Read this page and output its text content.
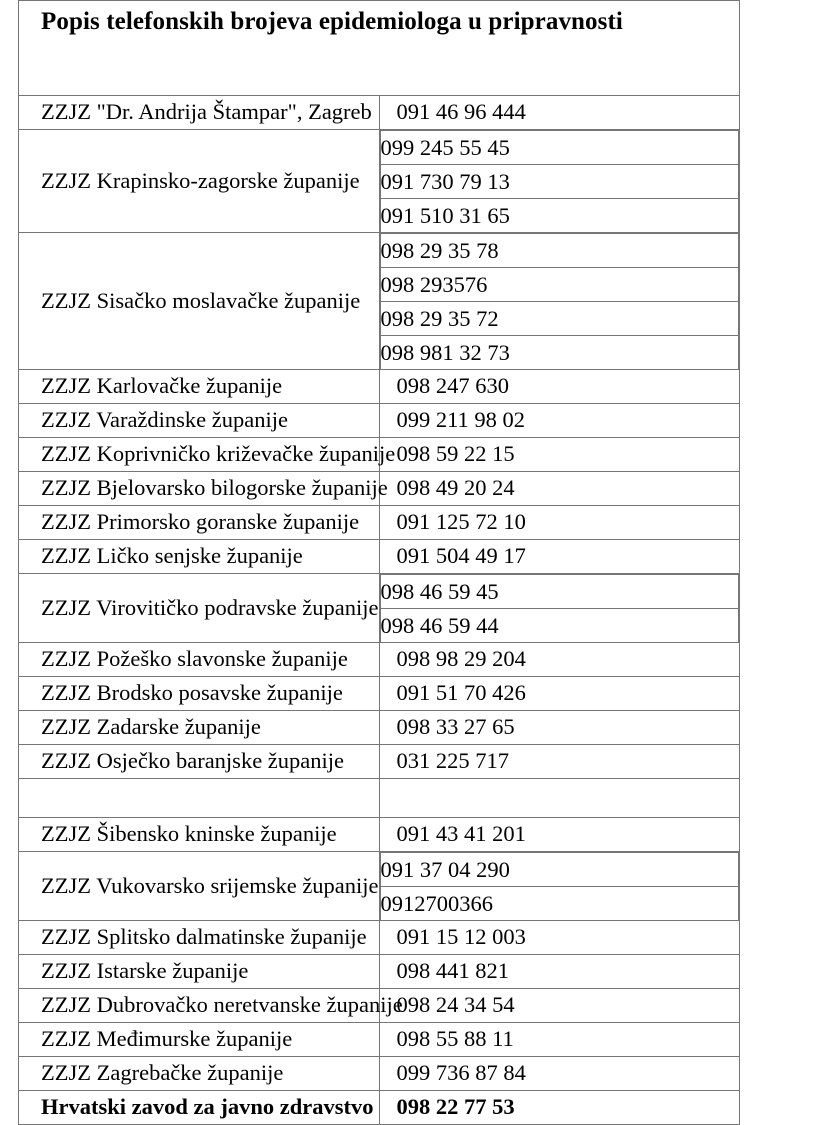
Popis telefonskih brojeva epidemiologa u pripravnosti
ZZJZ "Dr. Andrija Štampar", Zagreb	091 46 96 444
ZZJZ Krapinsko-zagorske županije	
099 245 55 45
091 730 79 13
091 510 31 65

ZZJZ Sisačko moslavačke županije	
098 29 35 78
098 293576
098 29 35 72
098 981 32 73

ZZJZ Karlovačke županije	098 247 630
ZZJZ Varaždinske županije	099 211 98 02
ZZJZ Koprivničko križevačke županije	098 59 22 15
ZZJZ Bjelovarsko bilogorske županije	098 49 20 24
ZZJZ Primorsko goranske županije	091 125 72 10
ZZJZ Ličko senjske županije	091 504 49 17
ZZJZ Virovitičko podravske županije	
098 46 59 45
098 46 59 44

ZZJZ Požeško slavonske županije	098 98 29 204
ZZJZ Brodsko posavske županije	091 51 70 426
ZZJZ Zadarske županije	098 33 27 65
ZZJZ Osječko baranjske županije	031 225 717

ZZJZ Šibensko kninske županije	091 43 41 201
ZZJZ Vukovarsko srijemske županije	
091 37 04 290
0912700366

ZZJZ Splitsko dalmatinske županije	091 15 12 003
ZZJZ Istarske županije	098 441 821
ZZJZ Dubrovačko neretvanske županije	098 24 34 54
ZZJZ Međimurske županije	098 55 88 11
ZZJZ Zagrebačke županije	099 736 87 84
Hrvatski zavod za javno zdravstvo	098 22 77 53
